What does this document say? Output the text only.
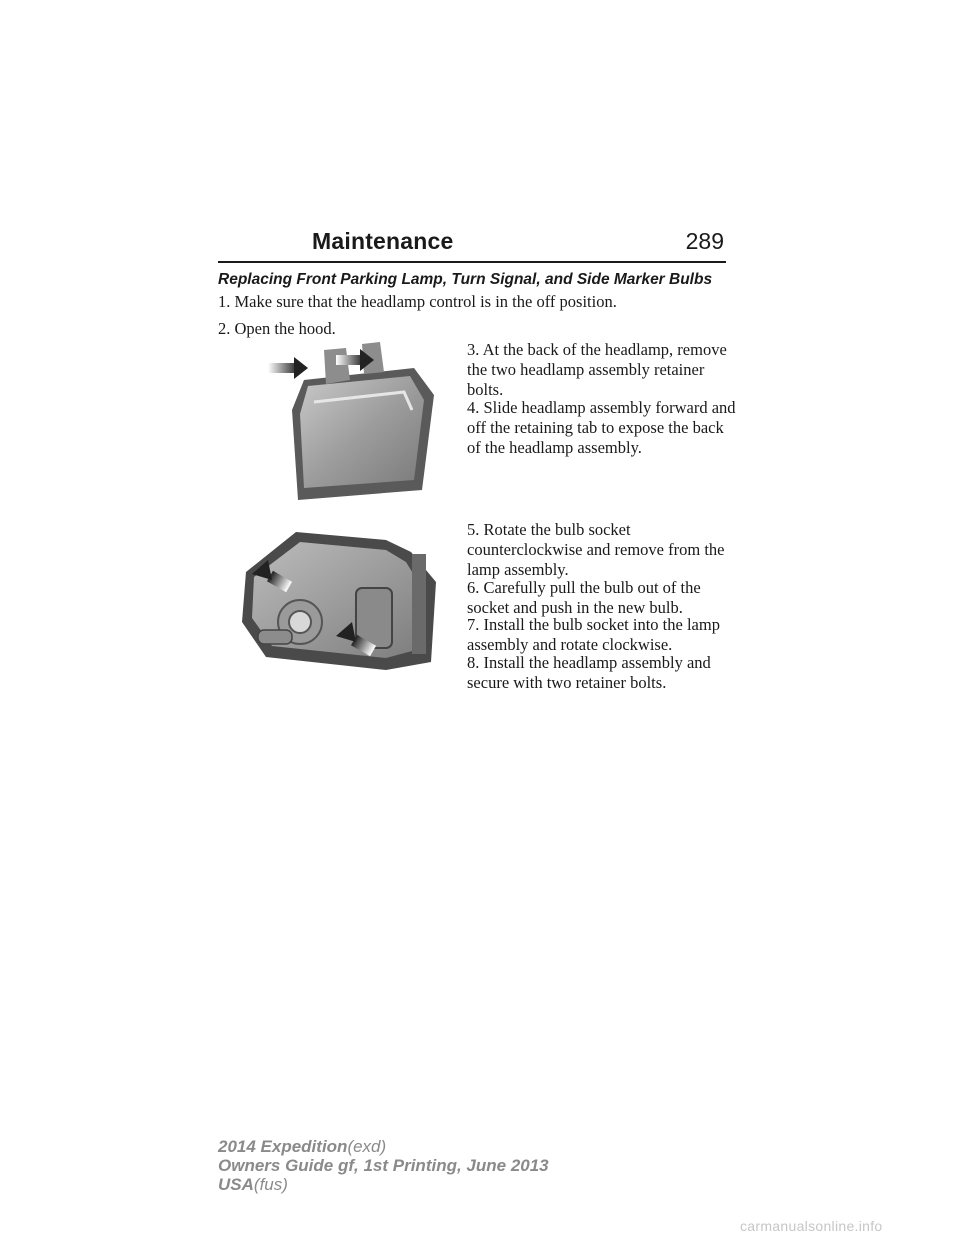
Maintenance	289
Replacing Front Parking Lamp, Turn Signal, and Side Marker Bulbs

1. Make sure that the headlamp control is in the off position.

2. Open the hood.

3. At the back of the headlamp, remove the two headlamp assembly retainer bolts.

4. Slide headlamp assembly forward and off the retaining tab to expose the back of the headlamp assembly.

5. Rotate the bulb socket counterclockwise and remove from the lamp assembly.

6. Carefully pull the bulb out of the socket and push in the new bulb.

7. Install the bulb socket into the lamp assembly and rotate clockwise.

8. Install the headlamp assembly and secure with two retainer bolts.

2014 Expedition(exd)
Owners Guide gf, 1st Printing, June 2013
USA(fus)
carmanualsonline.info
